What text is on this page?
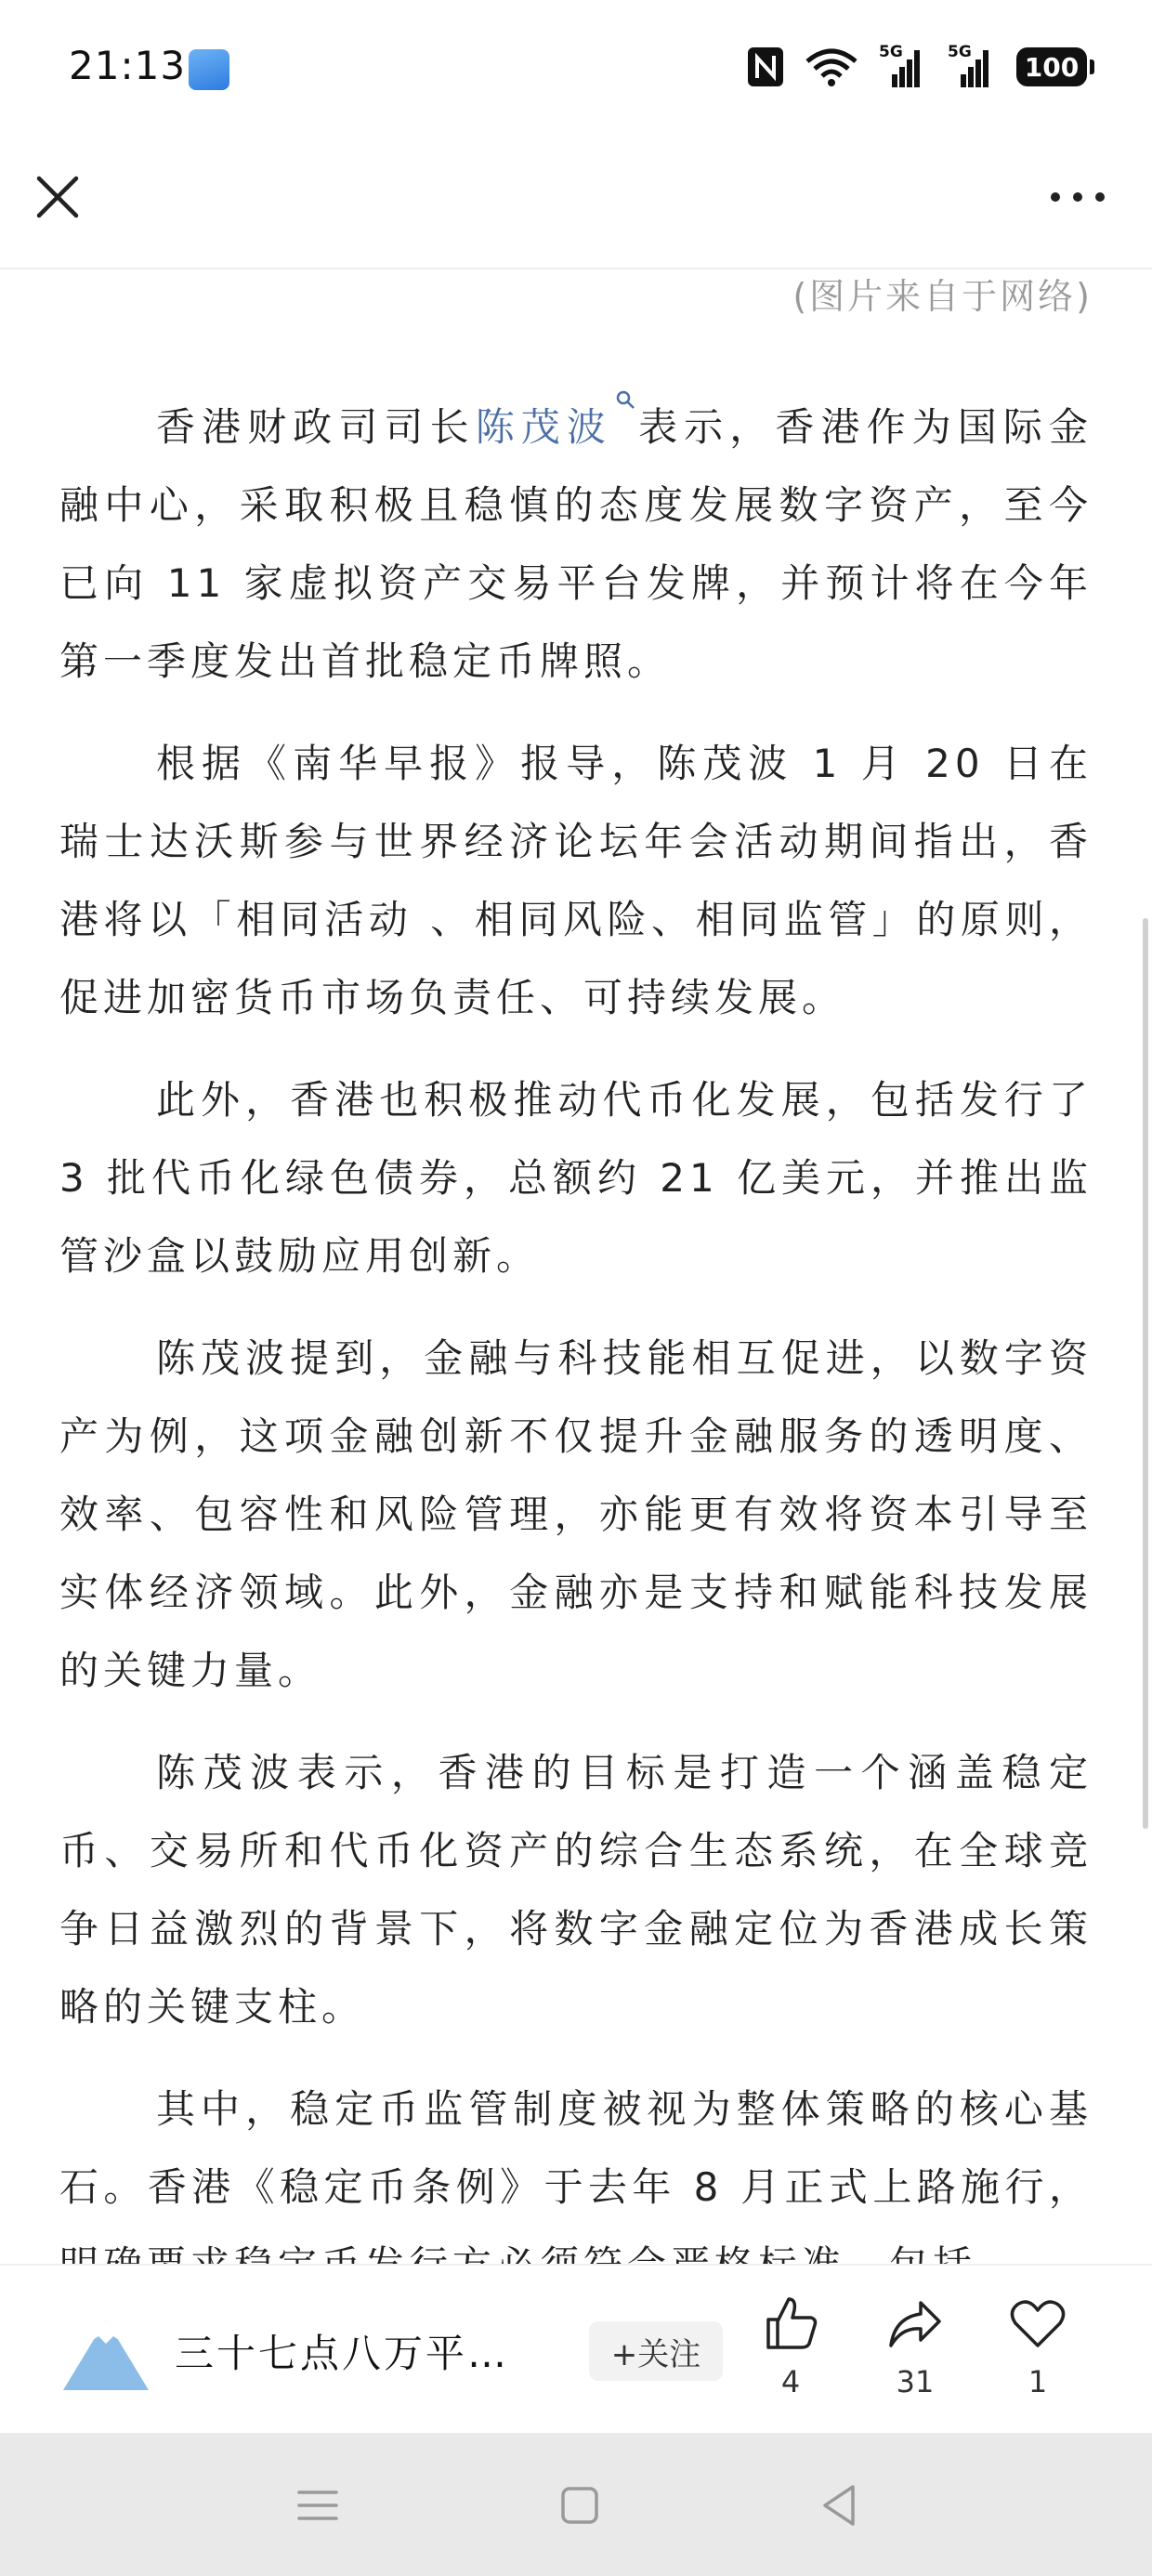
21:13	5G	5G 100
(图片来自于网络)

香港财政司司长陈茂波 表示，香港作为国际金融中心，采取积极且稳慎的态度发展数字资产，至今已向 11 家虚拟资产交易平台发牌，并预计将在今年第一季度发出首批稳定币牌照。

根据《南华早报》报导，陈茂波 1 月 20 日在瑞士达沃斯参与世界经济论坛年会活动期间指出，香港将以「相同活动 、相同风险、相同监管」的原则，促进加密货币市场负责任、可持续发展。

此外，香港也积极推动代币化发展，包括发行了 3 批代币化绿色债券，总额约 21 亿美元，并推出监管沙盒以鼓励应用创新。

陈茂波提到，金融与科技能相互促进，以数字资产为例，这项金融创新不仅提升金融服务的透明度、效率、包容性和风险管理，亦能更有效将资本引导至实体经济领域。此外，金融亦是支持和赋能科技发展的关键力量。

陈茂波表示，香港的目标是打造一个涵盖稳定币、交易所和代币化资产的综合生态系统，在全球竞争日益激烈的背景下，将数字金融定位为香港成长策略的关键支柱。

其中，稳定币监管制度被视为整体策略的核心基石。香港《稳定币条例》于去年 8 月正式上路施行，

三十七点八万平…	+关注
4	31	1
